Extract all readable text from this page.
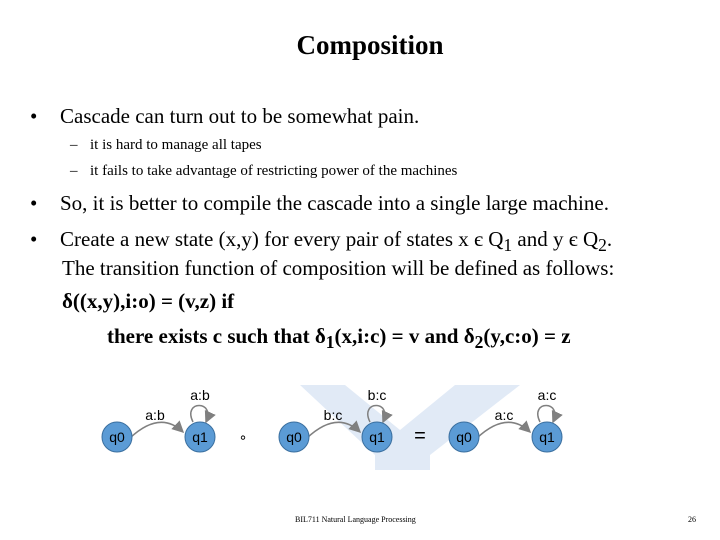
Composition
• Cascade can turn out to be somewhat pain.
– it is hard to manage all tapes
– it fails to take advantage of restricting power of the machines
• So, it is better to compile the cascade into a single large machine.
• Create a new state (x,y) for every pair of states x є $Q_1$ and y є $Q_2$.
The transition function of composition will be defined as follows:
δ((x,y),i:o) = (v,z) if
there exists c such that $\delta_1(x,i:c) = v$ and $\delta_2(y,c:o) = z$
q0	q1
a:b
a:b
∘	q0	q1
b:c
b:c
= q0	q1
a:c
a:c
BIL711 Natural Language Processing	26
